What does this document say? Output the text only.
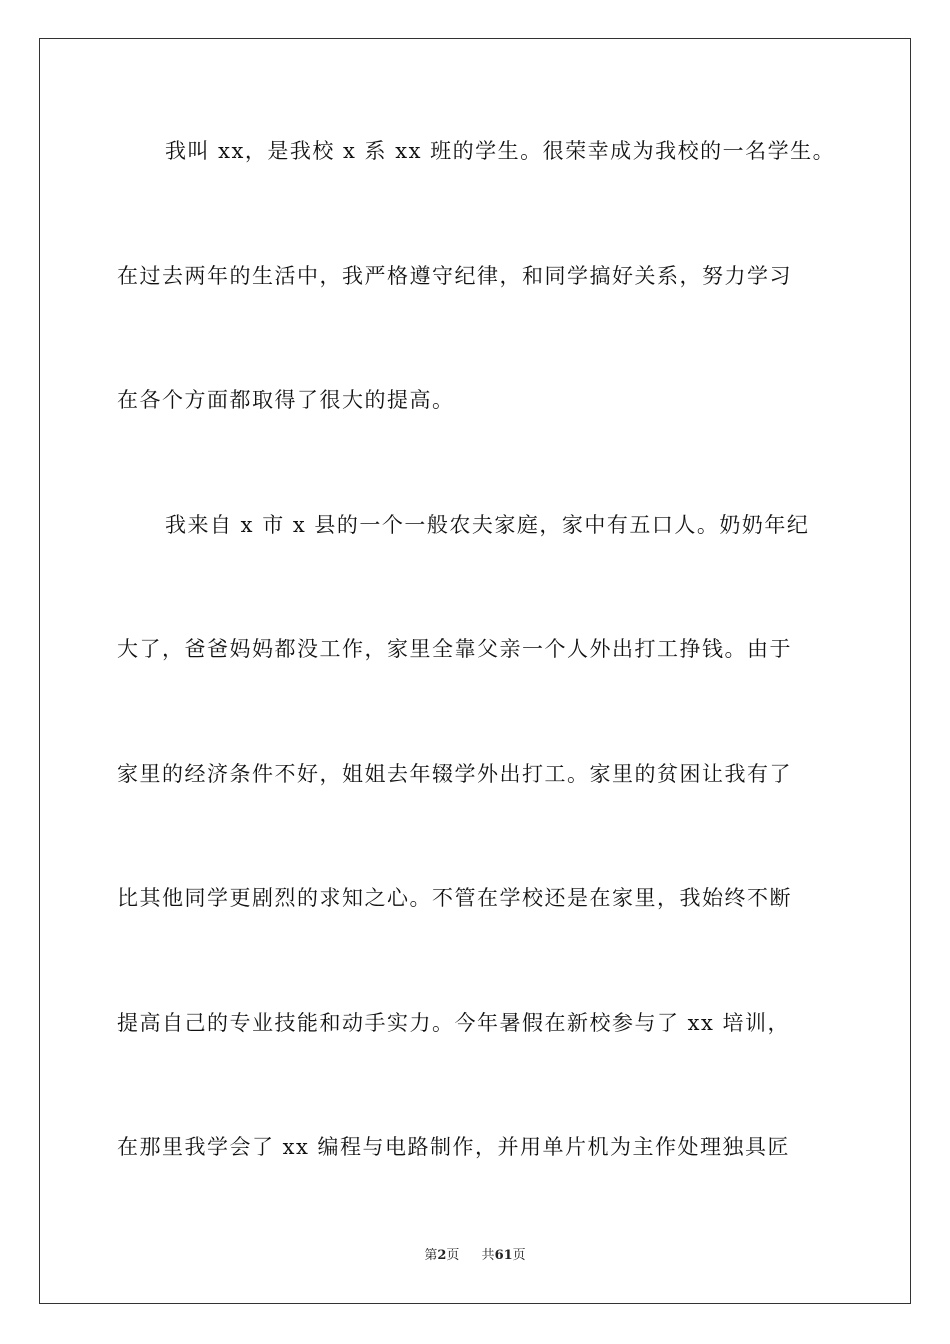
我叫 xx，是我校 x 系 xx 班的学生。很荣幸成为我校的一名学生。
在过去两年的生活中，我严格遵守纪律，和同学搞好关系，努力学习
在各个方面都取得了很大的提高。
我来自 x 市 x 县的一个一般农夫家庭，家中有五口人。奶奶年纪
大了，爸爸妈妈都没工作，家里全靠父亲一个人外出打工挣钱。由于
家里的经济条件不好，姐姐去年辍学外出打工。家里的贫困让我有了
比其他同学更剧烈的求知之心。不管在学校还是在家里，我始终不断
提高自己的专业技能和动手实力。今年暑假在新校参与了 xx 培训，
在那里我学会了 xx 编程与电路制作，并用单片机为主作处理独具匠
第2页 共61页
